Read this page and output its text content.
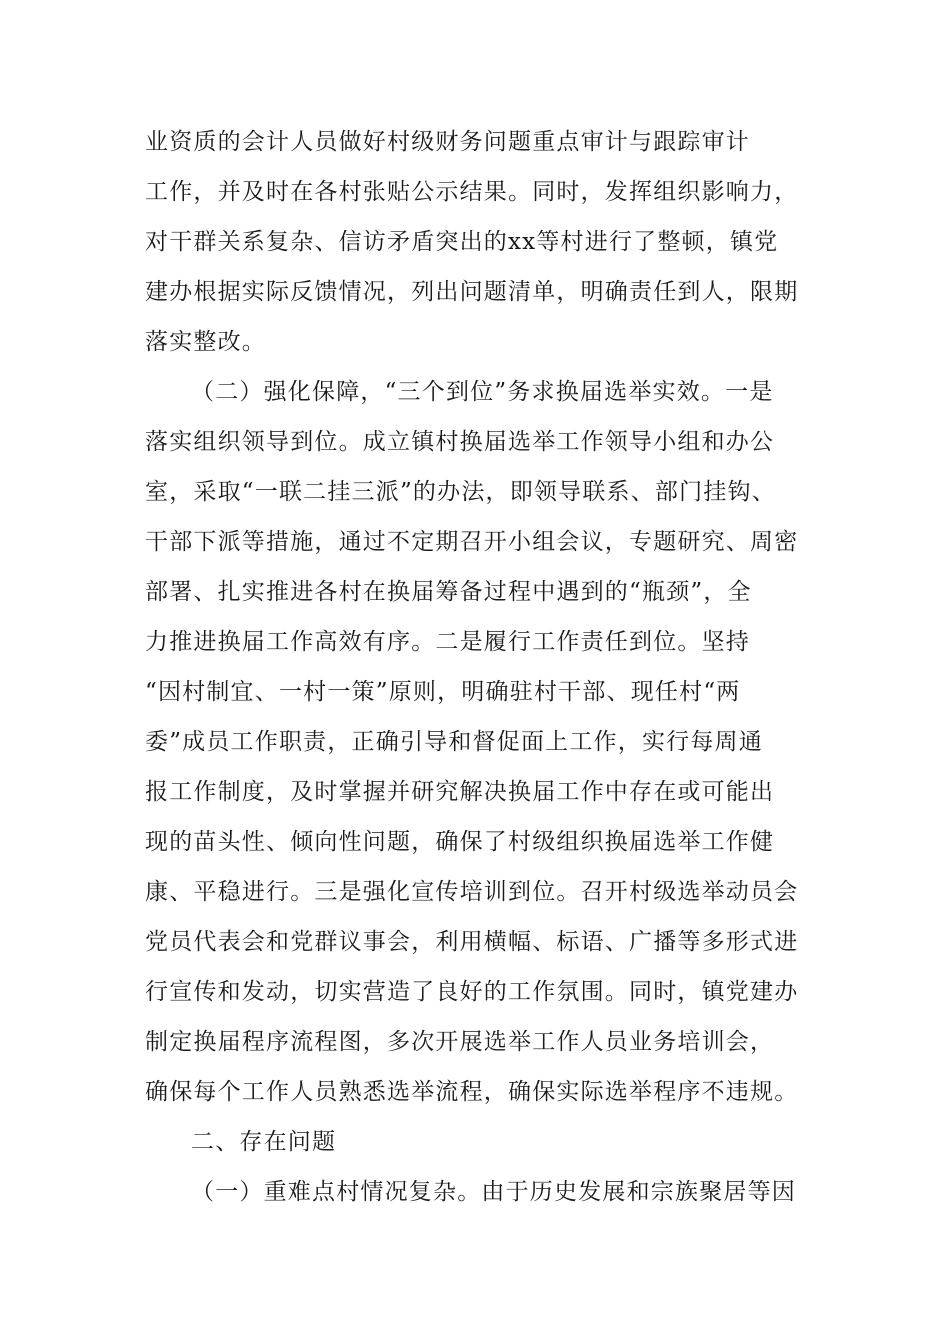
业资质的会计人员做好村级财务问题重点审计与跟踪审计
工作，并及时在各村张贴公示结果。同时，发挥组织影响力，
对干群关系复杂、信访矛盾突出的xx等村进行了整顿，镇党
建办根据实际反馈情况，列出问题清单，明确责任到人，限期
落实整改。
（二）强化保障，“三个到位”务求换届选举实效。一是
落实组织领导到位。成立镇村换届选举工作领导小组和办公
室，采取“一联二挂三派”的办法，即领导联系、部门挂钩、
干部下派等措施，通过不定期召开小组会议，专题研究、周密
部署、扎实推进各村在换届筹备过程中遇到的“瓶颈”，全
力推进换届工作高效有序。二是履行工作责任到位。坚持
“因村制宜、一村一策”原则，明确驻村干部、现任村“两
委”成员工作职责，正确引导和督促面上工作，实行每周通
报工作制度，及时掌握并研究解决换届工作中存在或可能出
现的苗头性、倾向性问题，确保了村级组织换届选举工作健
康、平稳进行。三是强化宣传培训到位。召开村级选举动员会
党员代表会和党群议事会，利用横幅、标语、广播等多形式进
行宣传和发动，切实营造了良好的工作氛围。同时，镇党建办
制定换届程序流程图，多次开展选举工作人员业务培训会，
确保每个工作人员熟悉选举流程，确保实际选举程序不违规。
二、存在问题
（一）重难点村情况复杂。由于历史发展和宗族聚居等因
